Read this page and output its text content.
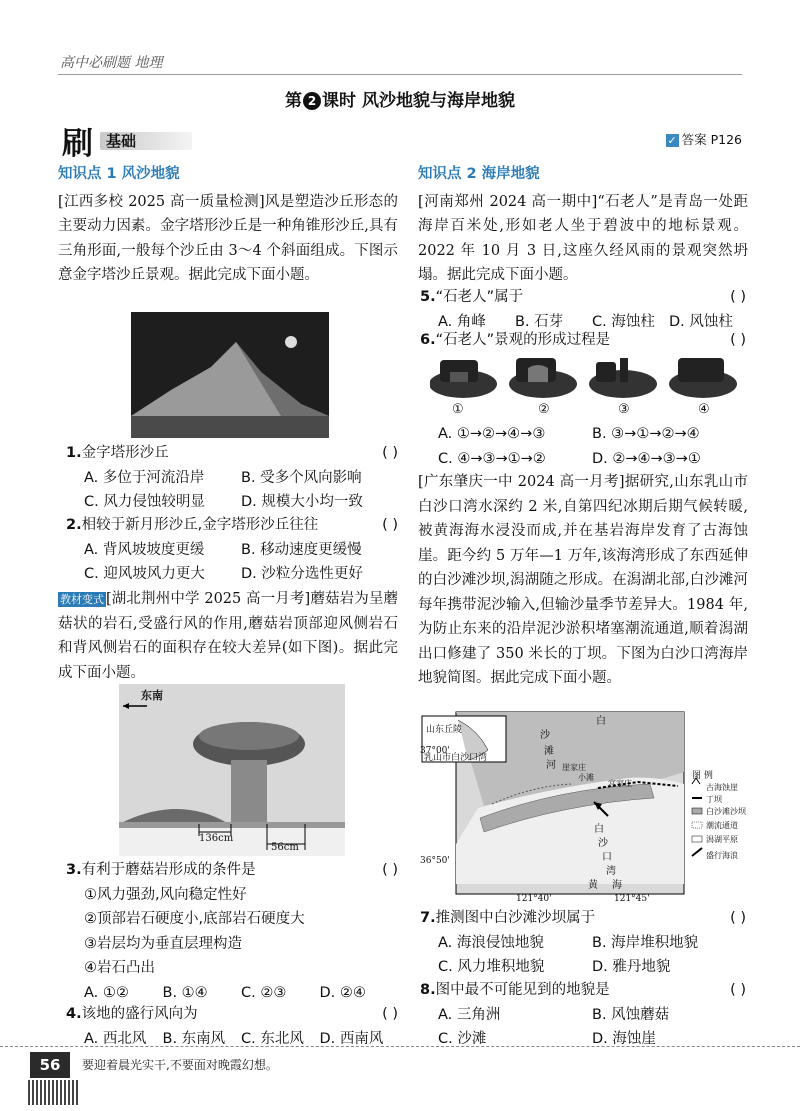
高中必刷题 地理
第 2 课时 风沙地貌与海岸地貌
刷 基础	✓ 答案 P126
知识点 1 风沙地貌
[江西多校 2025 高一质量检测]风是塑造沙丘形态的主要动力因素。金字塔形沙丘是一种角锥形沙丘,具有三角形面,一般每个沙丘由 3～4 个斜面组成。下图示意金字塔沙丘景观。据此完成下面小题。
1.金字塔形沙丘	( )
A. 多位于河流沿岸	B. 受多个风向影响
C. 风力侵蚀较明显	D. 规模大小均一致
2.相较于新月形沙丘,金字塔形沙丘往往	( )
A. 背风坡坡度更缓	B. 移动速度更缓慢
C. 迎风坡风力更大	D. 沙粒分选性更好
教材变式 [湖北荆州中学 2025 高一月考]蘑菇岩为呈蘑菇状的岩石,受盛行风的作用,蘑菇岩顶部迎风侧岩石和背风侧岩石的面积存在较大差异(如下图)。据此完成下面小题。
东南
136cm
56cm
3.有利于蘑菇岩形成的条件是	( )
①风力强劲,风向稳定性好
②顶部岩石硬度小,底部岩石硬度大
③岩层均为垂直层理构造
④岩石凸出
A. ①②	B. ①④	C. ②③	D. ②④
4.该地的盛行风向为	( )
A. 西北风	B. 东南风	C. 东北风	D. 西南风
知识点 2 海岸地貌
[河南郑州 2024 高一期中]“石老人”是青岛一处距海岸百米处,形如老人坐于碧波中的地标景观。2022 年 10 月 3 日,这座久经风雨的景观突然坍塌。据此完成下面小题。
5.“石老人”属于	( )
A. 角峰	B. 石芽	C. 海蚀柱 D. 风蚀柱
6.“石老人”景观的形成过程是	( )
①	②	③	④
A. ①→②→④→③	B. ③→①→②→④
C. ④→③→①→②	D. ②→④→③→①
[广东肇庆一中 2024 高一月考]据研究,山东乳山市白沙口湾水深约 2 米,自第四纪冰期后期气候转暖,被黄海海水浸没而成,并在基岩海岸发育了古海蚀崖。距今约 5 万年—1 万年,该海湾形成了东西延伸的白沙滩沙坝,潟湖随之形成。在潟湖北部,白沙滩河每年携带泥沙输入,但输沙量季节差异大。1984 年,为防止东来的沿岸泥沙淤积堵塞潮流通道,顺着潟湖出口修建了 350 米长的丁坝。下图为白沙口湾海岸地貌简图。据此完成下面小题。
山东丘陵
乳山市白沙口湾
37°00'
36°50'
121°40'	121°45'
沙
滩
河 崖家庄
小滩
宫家庄
白
沙
口
湾
黄 海
白
图 例
古海蚀崖
丁坝
白沙滩沙坝
潮流通道
潟湖平原
盛行海浪
7.推测图中白沙滩沙坝属于	( )
A. 海浪侵蚀地貌	B. 海岸堆积地貌
C. 风力堆积地貌	D. 雅丹地貌
8.图中最不可能见到的地貌是	( )
A. 三角洲	B. 风蚀蘑菇
C. 沙滩	D. 海蚀崖
56	要迎着晨光实干,不要面对晚霞幻想。
